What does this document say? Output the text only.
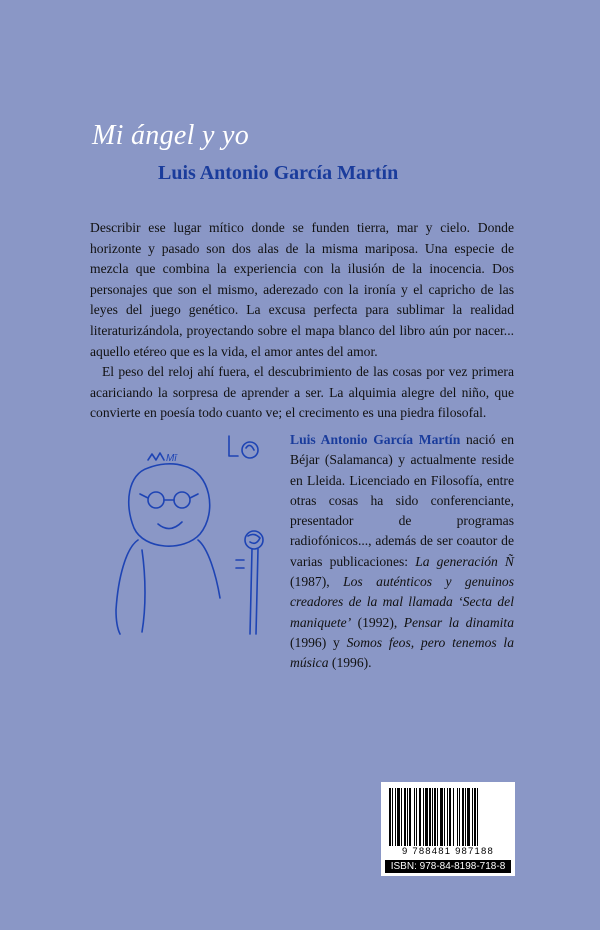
Mi ángel y yo
Luis Antonio García Martín

Describir ese lugar mítico donde se funden tierra, mar y cielo. Donde horizonte y pasado son dos alas de la misma mariposa. Una especie de mezcla que combina la experiencia con la ilusión de la inocencia. Dos personajes que son el mismo, aderezado con la ironía y el capricho de las leyes del juego genético. La excusa perfecta para sublimar la realidad literaturizándola, proyectando sobre el mapa blanco del libro aún por nacer... aquello etéreo que es la vida, el amor antes del amor.

El peso del reloj ahí fuera, el descubrimiento de las cosas por vez primera acariciando la sorpresa de aprender a ser. La alquimia alegre del niño, que convierte en poesía todo cuanto ve; el crecimento es una piedra filosofal.

Mī
Luis Antonio García Martín nació en Béjar (Salamanca) y actualmente reside en Lleida. Licenciado en Filosofía, entre otras cosas ha sido conferenciante, presentador de programas radiofónicos..., además de ser coautor de varias publicaciones: La generación Ñ (1987), Los auténticos y genuinos creadores de la mal llamada ‘Secta del maniquete’ (1992), Pensar la dinamita (1996) y Somos feos, pero tenemos la música (1996).
9 788481 987188
ISBN: 978-84-8198-718-8
